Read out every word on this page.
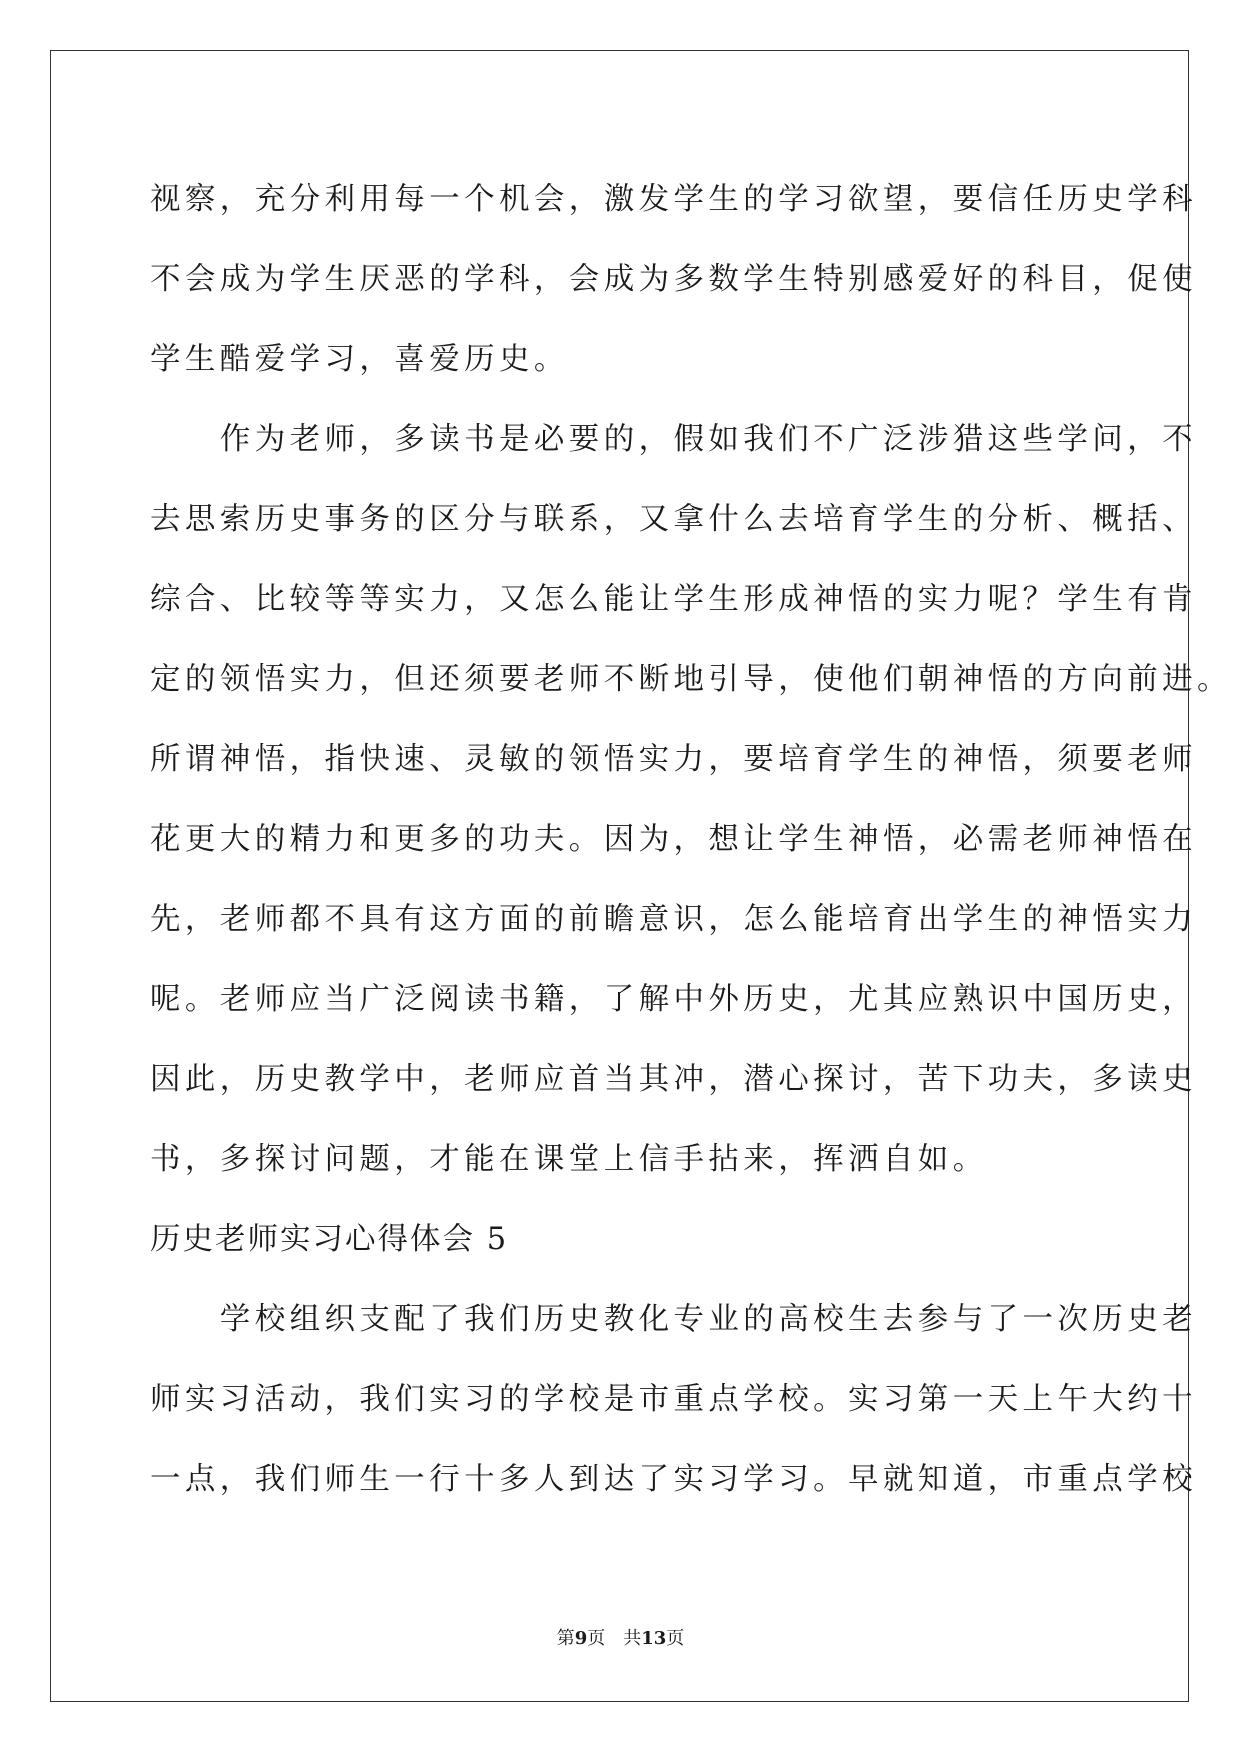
视察，充分利用每一个机会，激发学生的学习欲望，要信任历史学科
不会成为学生厌恶的学科，会成为多数学生特别感爱好的科目，促使
学生酷爱学习，喜爱历史。
　　作为老师，多读书是必要的，假如我们不广泛涉猎这些学问，不
去思索历史事务的区分与联系，又拿什么去培育学生的分析、概括、
综合、比较等等实力，又怎么能让学生形成神悟的实力呢？学生有肯
定的领悟实力，但还须要老师不断地引导，使他们朝神悟的方向前进。
所谓神悟，指快速、灵敏的领悟实力，要培育学生的神悟，须要老师
花更大的精力和更多的功夫。因为，想让学生神悟，必需老师神悟在
先，老师都不具有这方面的前瞻意识，怎么能培育出学生的神悟实力
呢。老师应当广泛阅读书籍，了解中外历史，尤其应熟识中国历史，
因此，历史教学中，老师应首当其冲，潜心探讨，苦下功夫，多读史
书，多探讨问题，才能在课堂上信手拈来，挥洒自如。
历史老师实习心得体会 5
　　学校组织支配了我们历史教化专业的高校生去参与了一次历史老
师实习活动，我们实习的学校是市重点学校。实习第一天上午大约十
一点，我们师生一行十多人到达了实习学习。早就知道，市重点学校
第9页　共13页
